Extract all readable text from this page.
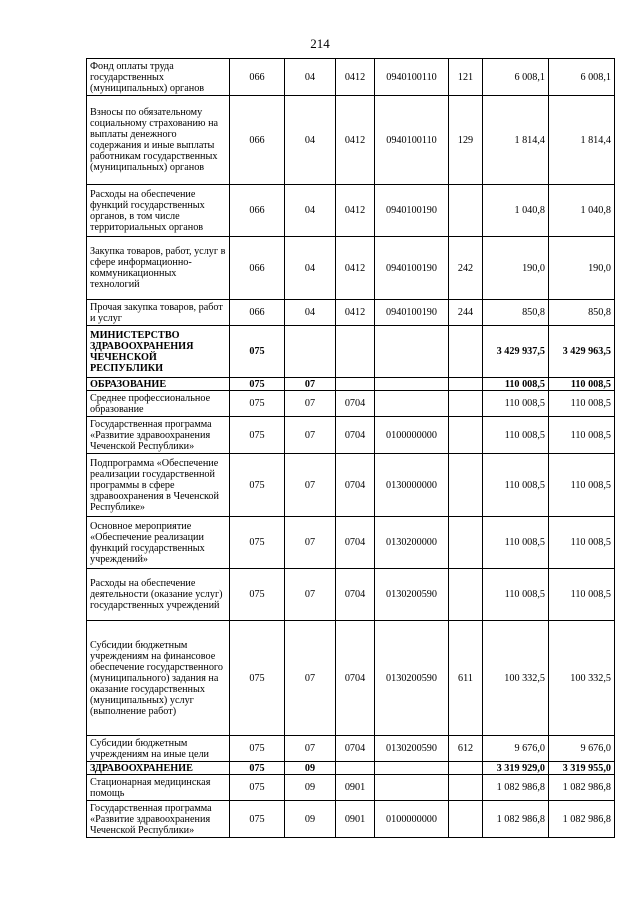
214
Фонд оплаты труда государственных (муниципальных) органов	066	04	0412	0940100110	121	6 008,1	6 008,1
Взносы по обязательному социальному страхованию на выплаты денежного содержания и иные выплаты работникам государственных (муниципальных) органов	066	04	0412	0940100110	129	1 814,4	1 814,4
Расходы на обеспечение функций государственных органов, в том числе территориальных органов	066	04	0412	0940100190		1 040,8	1 040,8
Закупка товаров, работ, услуг в сфере информационно-коммуникационных технологий	066	04	0412	0940100190	242	190,0	190,0
Прочая закупка товаров, работ и услуг	066	04	0412	0940100190	244	850,8	850,8
МИНИСТЕРСТВО ЗДРАВООХРАНЕНИЯ ЧЕЧЕНСКОЙ РЕСПУБЛИКИ	075					3 429 937,5	3 429 963,5
ОБРАЗОВАНИЕ	075	07				110 008,5	110 008,5
Среднее профессиональное образование	075	07	0704			110 008,5	110 008,5
Государственная программа «Развитие здравоохранения Чеченской Республики»	075	07	0704	0100000000		110 008,5	110 008,5
Подпрограмма «Обеспечение реализации государственной программы в сфере здравоохранения в Чеченской Республике»	075	07	0704	0130000000		110 008,5	110 008,5
Основное мероприятие «Обеспечение реализации функций государственных учреждений»	075	07	0704	0130200000		110 008,5	110 008,5
Расходы на обеспечение деятельности (оказание услуг) государственных учреждений	075	07	0704	0130200590		110 008,5	110 008,5
Субсидии бюджетным учреждениям на финансовое обеспечение государственного (муниципального) задания на оказание государственных (муниципальных) услуг (выполнение работ)	075	07	0704	0130200590	611	100 332,5	100 332,5
Субсидии бюджетным учреждениям на иные цели	075	07	0704	0130200590	612	9 676,0	9 676,0
ЗДРАВООХРАНЕНИЕ	075	09				3 319 929,0	3 319 955,0
Стационарная медицинская помощь	075	09	0901			1 082 986,8	1 082 986,8
Государственная программа «Развитие здравоохранения Чеченской Республики»	075	09	0901	0100000000		1 082 986,8	1 082 986,8
